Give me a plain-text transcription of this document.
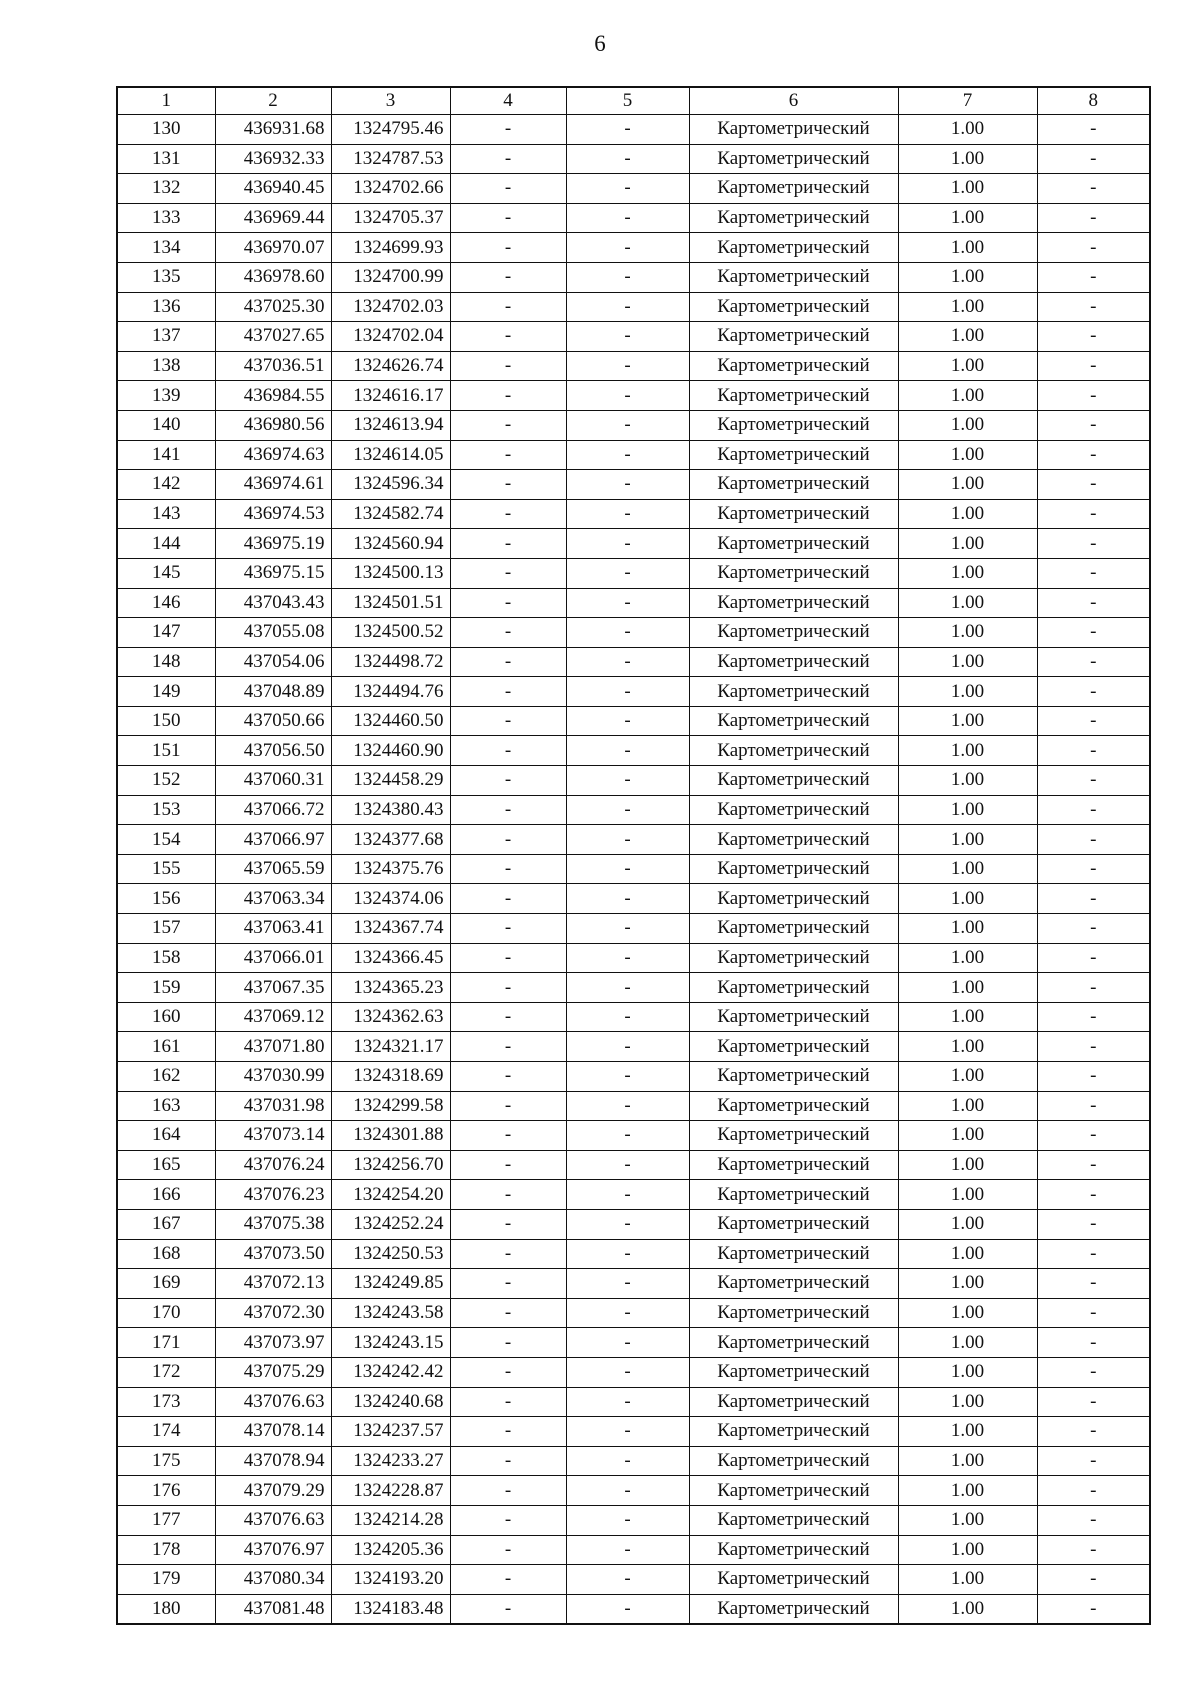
6
1	2	3	4	5	6	7	8
130	436931.68	1324795.46	-	-	Картометрический	1.00	-
131	436932.33	1324787.53	-	-	Картометрический	1.00	-
132	436940.45	1324702.66	-	-	Картометрический	1.00	-
133	436969.44	1324705.37	-	-	Картометрический	1.00	-
134	436970.07	1324699.93	-	-	Картометрический	1.00	-
135	436978.60	1324700.99	-	-	Картометрический	1.00	-
136	437025.30	1324702.03	-	-	Картометрический	1.00	-
137	437027.65	1324702.04	-	-	Картометрический	1.00	-
138	437036.51	1324626.74	-	-	Картометрический	1.00	-
139	436984.55	1324616.17	-	-	Картометрический	1.00	-
140	436980.56	1324613.94	-	-	Картометрический	1.00	-
141	436974.63	1324614.05	-	-	Картометрический	1.00	-
142	436974.61	1324596.34	-	-	Картометрический	1.00	-
143	436974.53	1324582.74	-	-	Картометрический	1.00	-
144	436975.19	1324560.94	-	-	Картометрический	1.00	-
145	436975.15	1324500.13	-	-	Картометрический	1.00	-
146	437043.43	1324501.51	-	-	Картометрический	1.00	-
147	437055.08	1324500.52	-	-	Картометрический	1.00	-
148	437054.06	1324498.72	-	-	Картометрический	1.00	-
149	437048.89	1324494.76	-	-	Картометрический	1.00	-
150	437050.66	1324460.50	-	-	Картометрический	1.00	-
151	437056.50	1324460.90	-	-	Картометрический	1.00	-
152	437060.31	1324458.29	-	-	Картометрический	1.00	-
153	437066.72	1324380.43	-	-	Картометрический	1.00	-
154	437066.97	1324377.68	-	-	Картометрический	1.00	-
155	437065.59	1324375.76	-	-	Картометрический	1.00	-
156	437063.34	1324374.06	-	-	Картометрический	1.00	-
157	437063.41	1324367.74	-	-	Картометрический	1.00	-
158	437066.01	1324366.45	-	-	Картометрический	1.00	-
159	437067.35	1324365.23	-	-	Картометрический	1.00	-
160	437069.12	1324362.63	-	-	Картометрический	1.00	-
161	437071.80	1324321.17	-	-	Картометрический	1.00	-
162	437030.99	1324318.69	-	-	Картометрический	1.00	-
163	437031.98	1324299.58	-	-	Картометрический	1.00	-
164	437073.14	1324301.88	-	-	Картометрический	1.00	-
165	437076.24	1324256.70	-	-	Картометрический	1.00	-
166	437076.23	1324254.20	-	-	Картометрический	1.00	-
167	437075.38	1324252.24	-	-	Картометрический	1.00	-
168	437073.50	1324250.53	-	-	Картометрический	1.00	-
169	437072.13	1324249.85	-	-	Картометрический	1.00	-
170	437072.30	1324243.58	-	-	Картометрический	1.00	-
171	437073.97	1324243.15	-	-	Картометрический	1.00	-
172	437075.29	1324242.42	-	-	Картометрический	1.00	-
173	437076.63	1324240.68	-	-	Картометрический	1.00	-
174	437078.14	1324237.57	-	-	Картометрический	1.00	-
175	437078.94	1324233.27	-	-	Картометрический	1.00	-
176	437079.29	1324228.87	-	-	Картометрический	1.00	-
177	437076.63	1324214.28	-	-	Картометрический	1.00	-
178	437076.97	1324205.36	-	-	Картометрический	1.00	-
179	437080.34	1324193.20	-	-	Картометрический	1.00	-
180	437081.48	1324183.48	-	-	Картометрический	1.00	-
